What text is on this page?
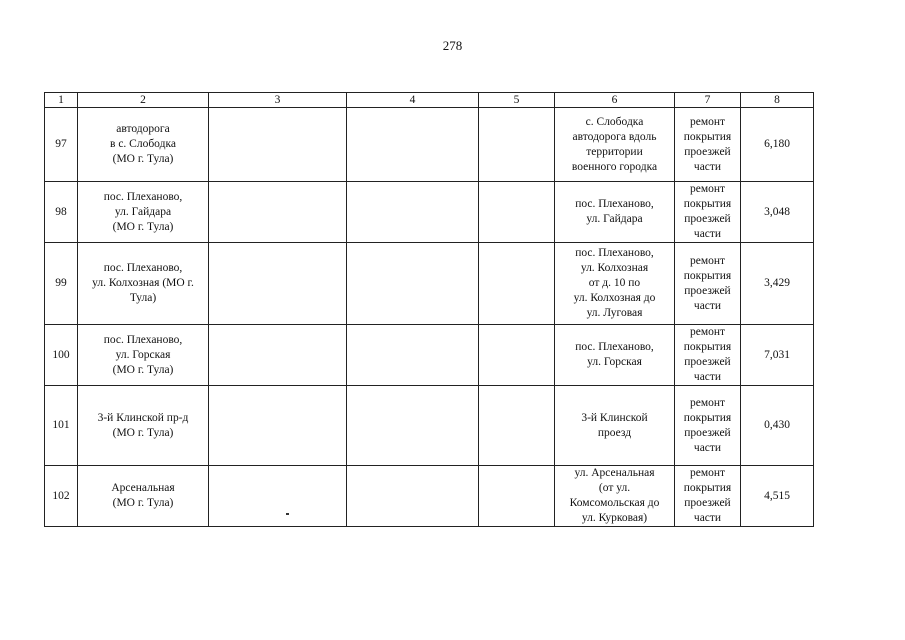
278
1	2	3	4	5	6	7	8
97	автодорога
в с. Слободка
(МО г. Тула)				с. Слободка
автодорога вдоль
территории
военного городка	ремонт
покрытия
проезжей
части	6,180
98	пос. Плеханово,
ул. Гайдара
(МО г. Тула)				пос. Плеханово,
ул. Гайдара	ремонт
покрытия
проезжей
части	3,048
99	пос. Плеханово,
ул. Колхозная (МО г.
Тула)				пос. Плеханово,
ул. Колхозная
от д. 10 по
ул. Колхозная до
ул. Луговая	ремонт
покрытия
проезжей
части	3,429
100	пос. Плеханово,
ул. Горская
(МО г. Тула)				пос. Плеханово,
ул. Горская	ремонт
покрытия
проезжей
части	7,031
101	3-й Клинской пр-д
(МО г. Тула)				3-й Клинской
проезд	ремонт
покрытия
проезжей
части	0,430
102	Арсенальная
(МО г. Тула)				ул. Арсенальная
(от ул.
Комсомольская до
ул. Курковая)	ремонт
покрытия
проезжей
части	4,515
